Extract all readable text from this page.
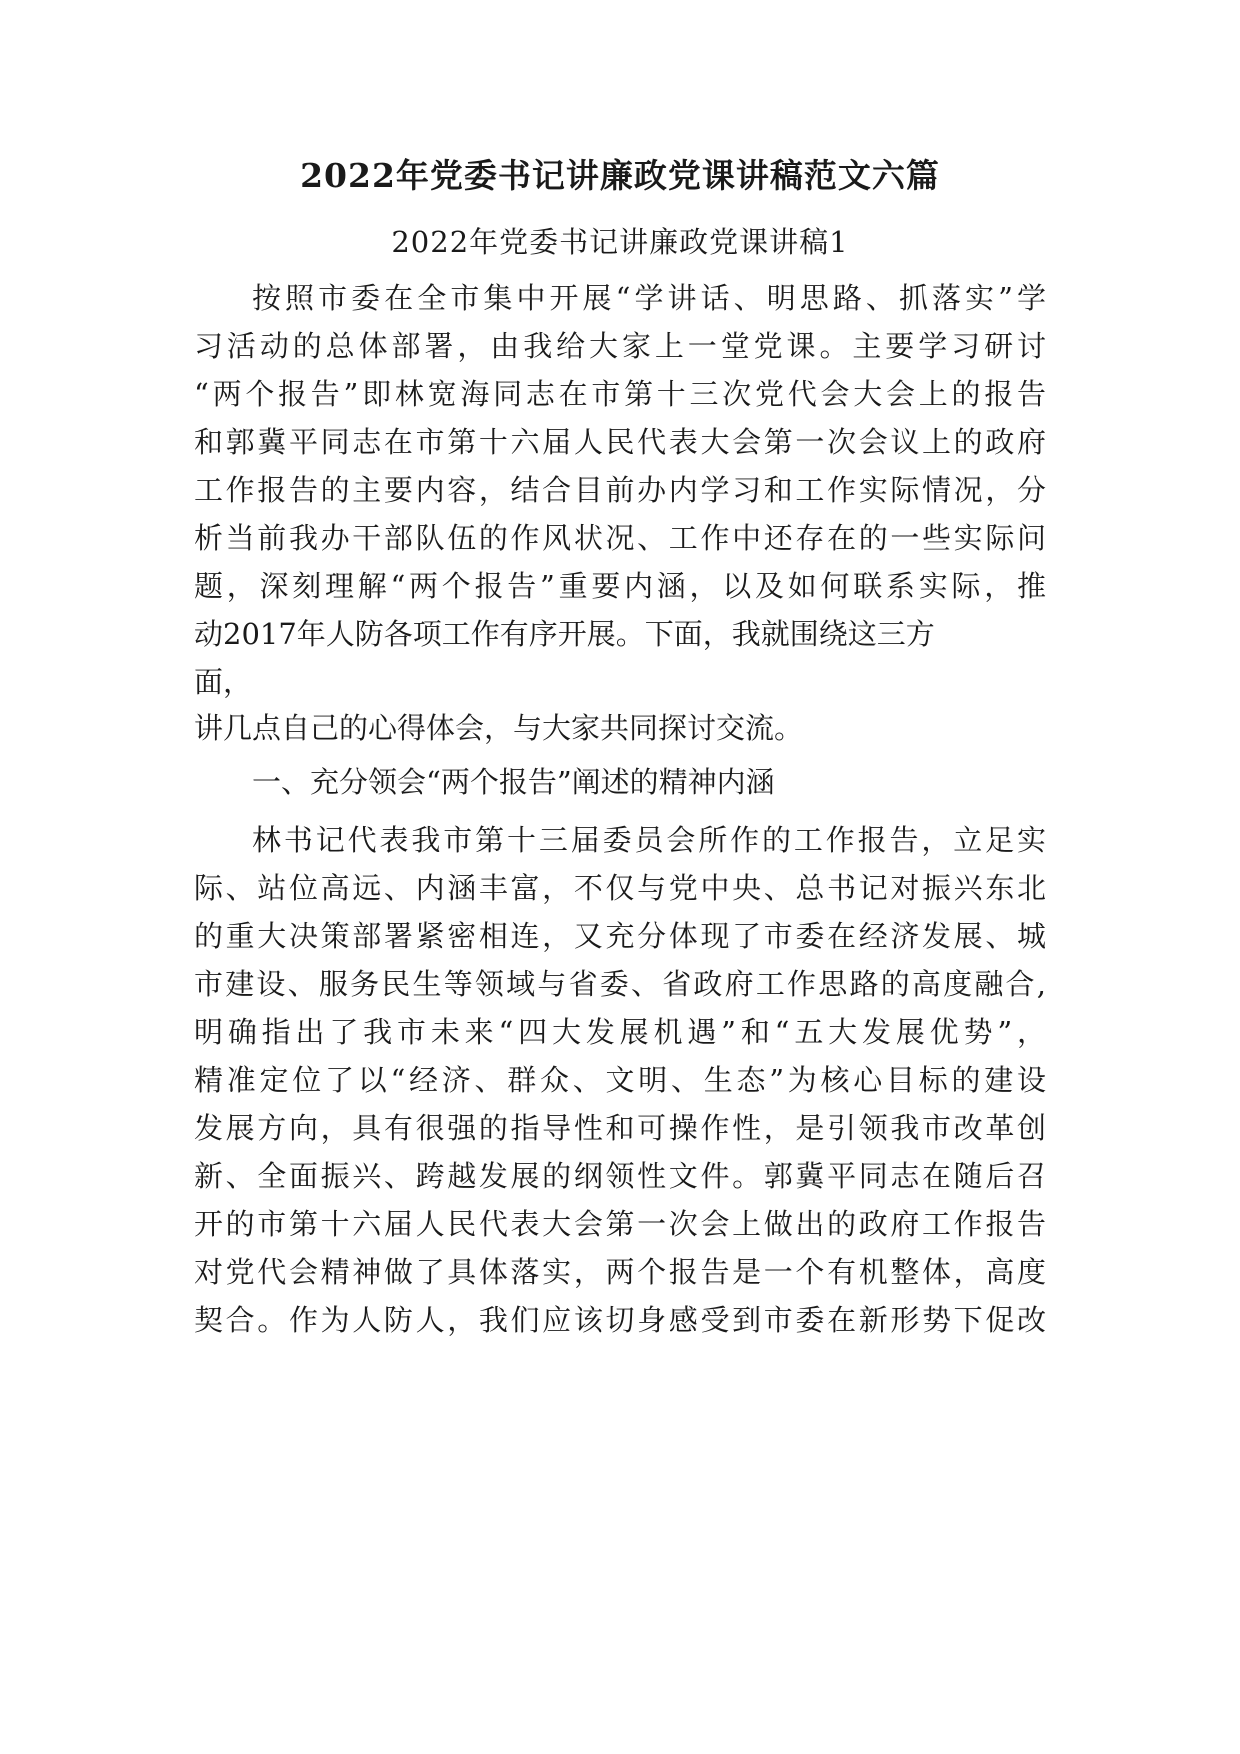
2022年党委书记讲廉政党课讲稿范文六篇
2022年党委书记讲廉政党课讲稿1

按照市委在全市集中开展“学讲话、明思路、抓落实”学

习活动的总体部署，由我给大家上一堂党课。主要学习研讨

“两个报告”即林宽海同志在市第十三次党代会大会上的报告

和郭冀平同志在市第十六届人民代表大会第一次会议上的政府

工作报告的主要内容，结合目前办内学习和工作实际情况，分

析当前我办干部队伍的作风状况、工作中还存在的一些实际问

题，深刻理解“两个报告”重要内涵，以及如何联系实际，推

动2017年人防各项工作有序开展。下面，我就围绕这三方

面，

讲几点自己的心得体会，与大家共同探讨交流。

一、充分领会“两个报告”阐述的精神内涵

林书记代表我市第十三届委员会所作的工作报告，立足实

际、站位高远、内涵丰富，不仅与党中央、总书记对振兴东北

的重大决策部署紧密相连，又充分体现了市委在经济发展、城

市建设、服务民生等领域与省委、省政府工作思路的高度融合,

明确指出了我市未来“四大发展机遇”和“五大发展优势”，

精准定位了以“经济、群众、文明、生态”为核心目标的建设

发展方向，具有很强的指导性和可操作性，是引领我市改革创

新、全面振兴、跨越发展的纲领性文件。郭冀平同志在随后召

开的市第十六届人民代表大会第一次会上做出的政府工作报告

对党代会精神做了具体落实，两个报告是一个有机整体，高度

契合。作为人防人，我们应该切身感受到市委在新形势下促改
